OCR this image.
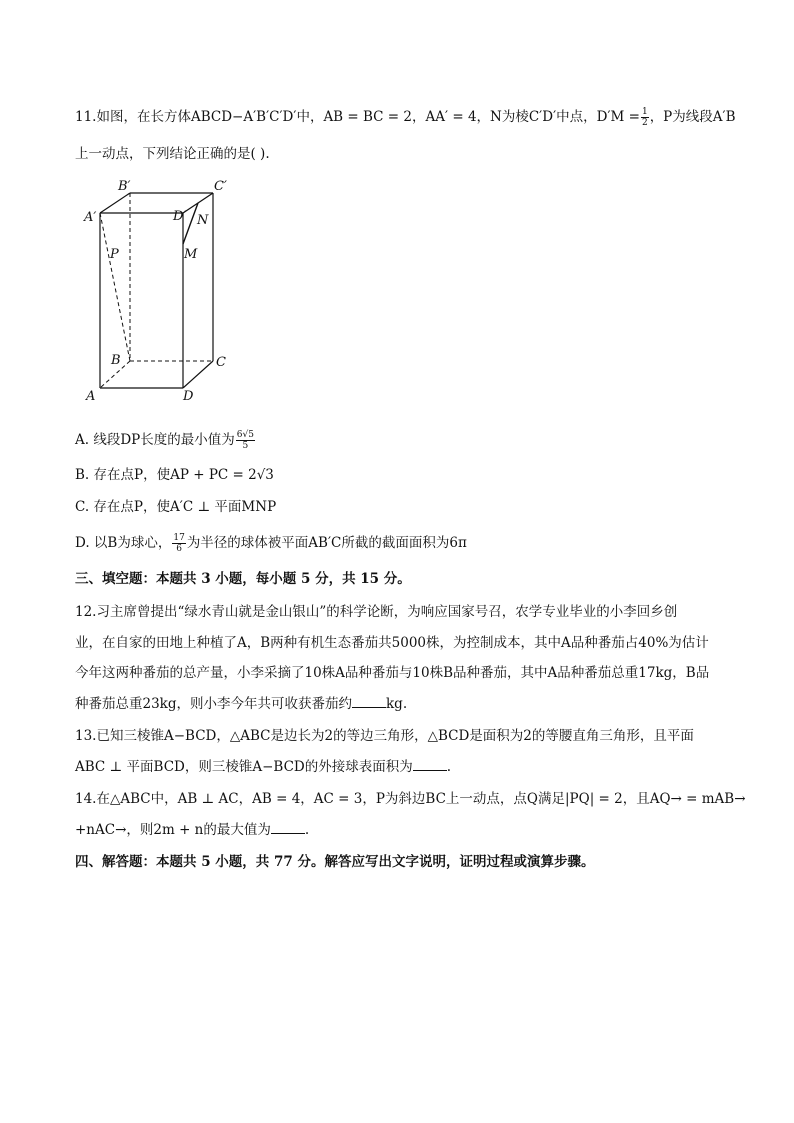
11.如图，在长方体ABCD−A′B′C′D′中，AB = BC = 2，AA′ = 4，N为棱C′D′中点，$D'M = \frac{1}{2}$ ，P为线段A′B
上一动点，下列结论正确的是( ).
B′	C′
A′	D′ N
P	M
B	C
A	D
A. 线段DP长度的最小值为 $\frac{6√5}{5}$
B. 存在点P，使AP + PC = 2√3
C. 存在点P，使A′C ⊥ 平面MNP
D. 以B为球心， $\frac{17}{6}$ 为半径的球体被平面AB′C所截的截面面积为6π
三、填空题：本题共 3 小题，每小题 5 分，共 15 分。
12.习主席曾提出“绿水青山就是金山银山”的科学论断，为响应国家号召，农学专业毕业的小李回乡创
业，在自家的田地上种植了A，B两种有机生态番茄共5000株，为控制成本，其中A品种番茄占40%为估计
今年这两种番茄的总产量，小李采摘了10株A品种番茄与10株B品种番茄，其中A品种番茄总重17kg，B品
种番茄总重23kg，则小李今年共可收获番茄约	kg.
13.已知三棱锥A−BCD，△ABC是边长为2的等边三角形，△BCD是面积为2的等腰直角三角形，且平面
ABC ⊥ 平面BCD，则三棱锥A−BCD的外接球表面积为	.
14.在△ABC中，AB ⊥ AC，AB = 4，AC = 3，P为斜边BC上一动点，点Q满足|PQ| = 2，且AQ→ = mAB→
+nAC→，则2m + n的最大值为	.
四、解答题：本题共 5 小题，共 77 分。解答应写出文字说明，证明过程或演算步骤。
